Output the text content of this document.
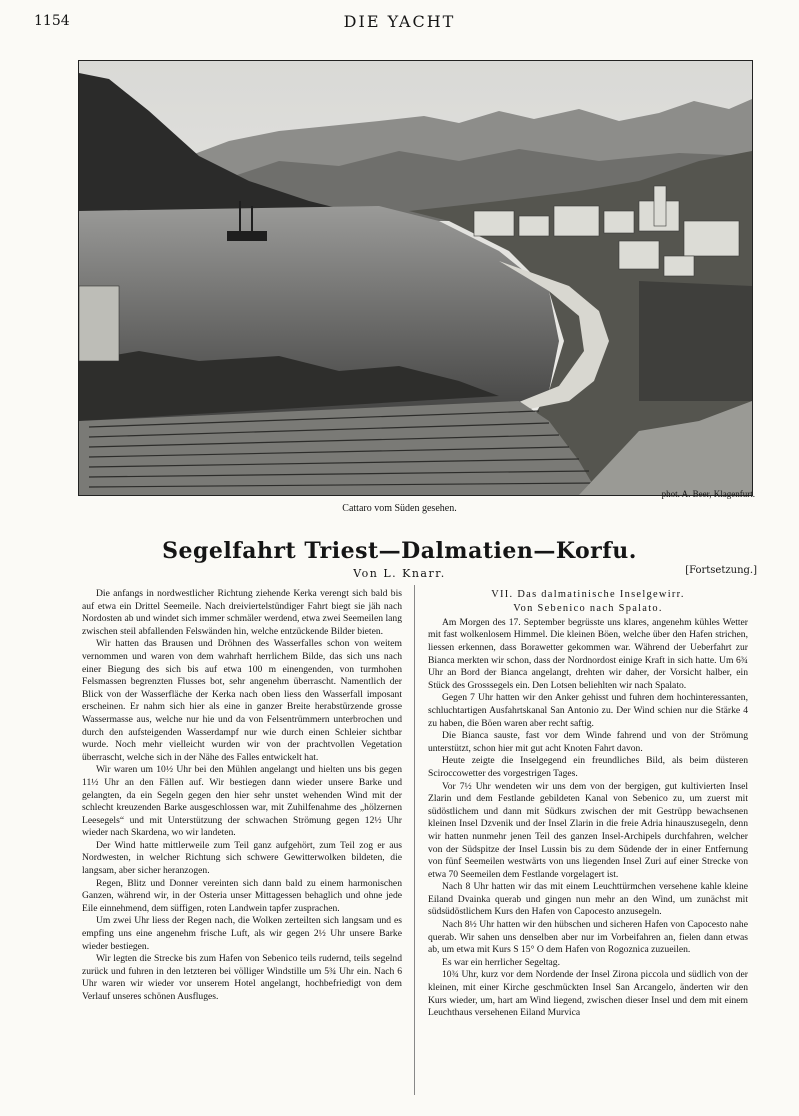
1154	DIE YACHT
phot. A. Beer, Klagenfurt.
Cattaro vom Süden gesehen.
Segelfahrt Triest—Dalmatien—Korfu.
Von L. Knarr.	[Fortsetzung.]

Die anfangs in nordwestlicher Richtung ziehende Kerka verengt sich bald bis auf etwa ein Drittel Seemeile. Nach dreiviertelstündiger Fahrt biegt sie jäh nach Nordosten ab und windet sich immer schmäler werdend, etwa zwei Seemeilen lang zwischen steil abfallenden Felswänden hin, welche entzückende Bilder bieten.

Wir hatten das Brausen und Dröhnen des Wasserfalles schon von weitem vernommen und waren von dem wahrhaft herrlichem Bilde, das sich uns nach einer Biegung des sich bis auf etwa 100 m einengenden, von turmhohen Felsmassen begrenzten Flusses bot, sehr angenehm überrascht. Namentlich der Blick von der Wasserfläche der Kerka nach oben liess den Wasserfall imposant erscheinen. Er nahm sich hier als eine in ganzer Breite herabstürzende grosse Wassermasse aus, welche nur hie und da von Felsentrümmern unterbrochen und durch den aufsteigenden Wasserdampf nur wie durch einen Schleier sichtbar wurde. Noch mehr vielleicht wurden wir von der prachtvollen Vegetation überrascht, welche sich in der Nähe des Falles entwickelt hat.

Wir waren um 10½ Uhr bei den Mühlen angelangt und hielten uns bis gegen 11½ Uhr an den Fällen auf. Wir bestiegen dann wieder unsere Barke und gelangten, da ein Segeln gegen den hier sehr unstet wehenden Wind mit der schlecht kreuzenden Barke ausgeschlossen war, mit Zuhilfenahme des „hölzernen Leesegels“ und mit Unterstützung der schwachen Strömung gegen 12½ Uhr wieder nach Skardena, wo wir landeten.

Der Wind hatte mittlerweile zum Teil ganz aufgehört, zum Teil zog er aus Nordwesten, in welcher Richtung sich schwere Gewitterwolken bildeten, die langsam, aber sicher heranzogen.

Regen, Blitz und Donner vereinten sich dann bald zu einem harmonischen Ganzen, während wir, in der Osteria unser Mittagessen behaglich und ohne jede Eile einnehmend, dem süffigen, roten Landwein tapfer zusprachen.

Um zwei Uhr liess der Regen nach, die Wolken zerteilten sich langsam und es empfing uns eine angenehm frische Luft, als wir gegen 2½ Uhr unsere Barke wieder bestiegen.

Wir legten die Strecke bis zum Hafen von Sebenico teils rudernd, teils segelnd zurück und fuhren in den letzteren bei völliger Windstille um 5¾ Uhr ein. Nach 6 Uhr waren wir wieder vor unserem Hotel angelangt, hochbefriedigt von dem Verlauf unseres schönen Ausfluges.

VII. Das dalmatinische Inselgewirr.
Von Sebenico nach Spalato.

Am Morgen des 17. September begrüsste uns klares, angenehm kühles Wetter mit fast wolkenlosem Himmel. Die kleinen Böen, welche über den Hafen strichen, liessen erkennen, dass Borawetter gekommen war. Während der Ueberfahrt zur Bianca merkten wir schon, dass der Nordnordost einige Kraft in sich hatte. Um 6¾ Uhr an Bord der Bianca angelangt, drehten wir daher, der Vorsicht halber, ein Stück des Grosssegels ein. Den Lotsen beliehlten wir nach Spalato.

Gegen 7 Uhr hatten wir den Anker gehisst und fuhren dem hochinteressanten, schluchtartigen Ausfahrtskanal San Antonio zu. Der Wind schien nur die Stärke 4 zu haben, die Böen waren aber recht saftig.

Die Bianca sauste, fast vor dem Winde fahrend und von der Strömung unterstützt, schon hier mit gut acht Knoten Fahrt davon.

Heute zeigte die Inselgegend ein freundliches Bild, als beim düsteren Sciroccowetter des vorgestrigen Tages.

Vor 7½ Uhr wendeten wir uns dem von der bergigen, gut kultivierten Insel Zlarin und dem Festlande gebildeten Kanal von Sebenico zu, um zuerst mit südöstlichem und dann mit Südkurs zwischen der mit Gestrüpp bewachsenen kleinen Insel Dzvenik und der Insel Zlarin in die freie Adria hinauszusegeln, denn wir hatten nunmehr jenen Teil des ganzen Insel-Archipels durchfahren, welcher von der Südspitze der Insel Lussin bis zu dem Südende der in einer Entfernung von fünf Seemeilen westwärts von uns liegenden Insel Zuri auf einer Strecke von etwa 70 Seemeilen dem Festlande vorgelagert ist.

Nach 8 Uhr hatten wir das mit einem Leuchttürmchen versehene kahle kleine Eiland Dvainka querab und gingen nun mehr an den Wind, um zunächst mit südsüdöstlichem Kurs den Hafen von Capocesto anzusegeln.

Nach 8½ Uhr hatten wir den hübschen und sicheren Hafen von Capocesto nahe querab. Wir sahen uns denselben aber nur im Vorbeifahren an, fielen dann etwas ab, um etwa mit Kurs S 15° O dem Hafen von Rogoznica zuzueilen.

Es war ein herrlicher Segeltag.

10¾ Uhr, kurz vor dem Nordende der Insel Zirona piccola und südlich von der kleinen, mit einer Kirche geschmückten Insel San Arcangelo, änderten wir den Kurs wieder, um, hart am Wind liegend, zwischen dieser Insel und dem mit einem Leuchthaus versehenen Eiland Murvica
